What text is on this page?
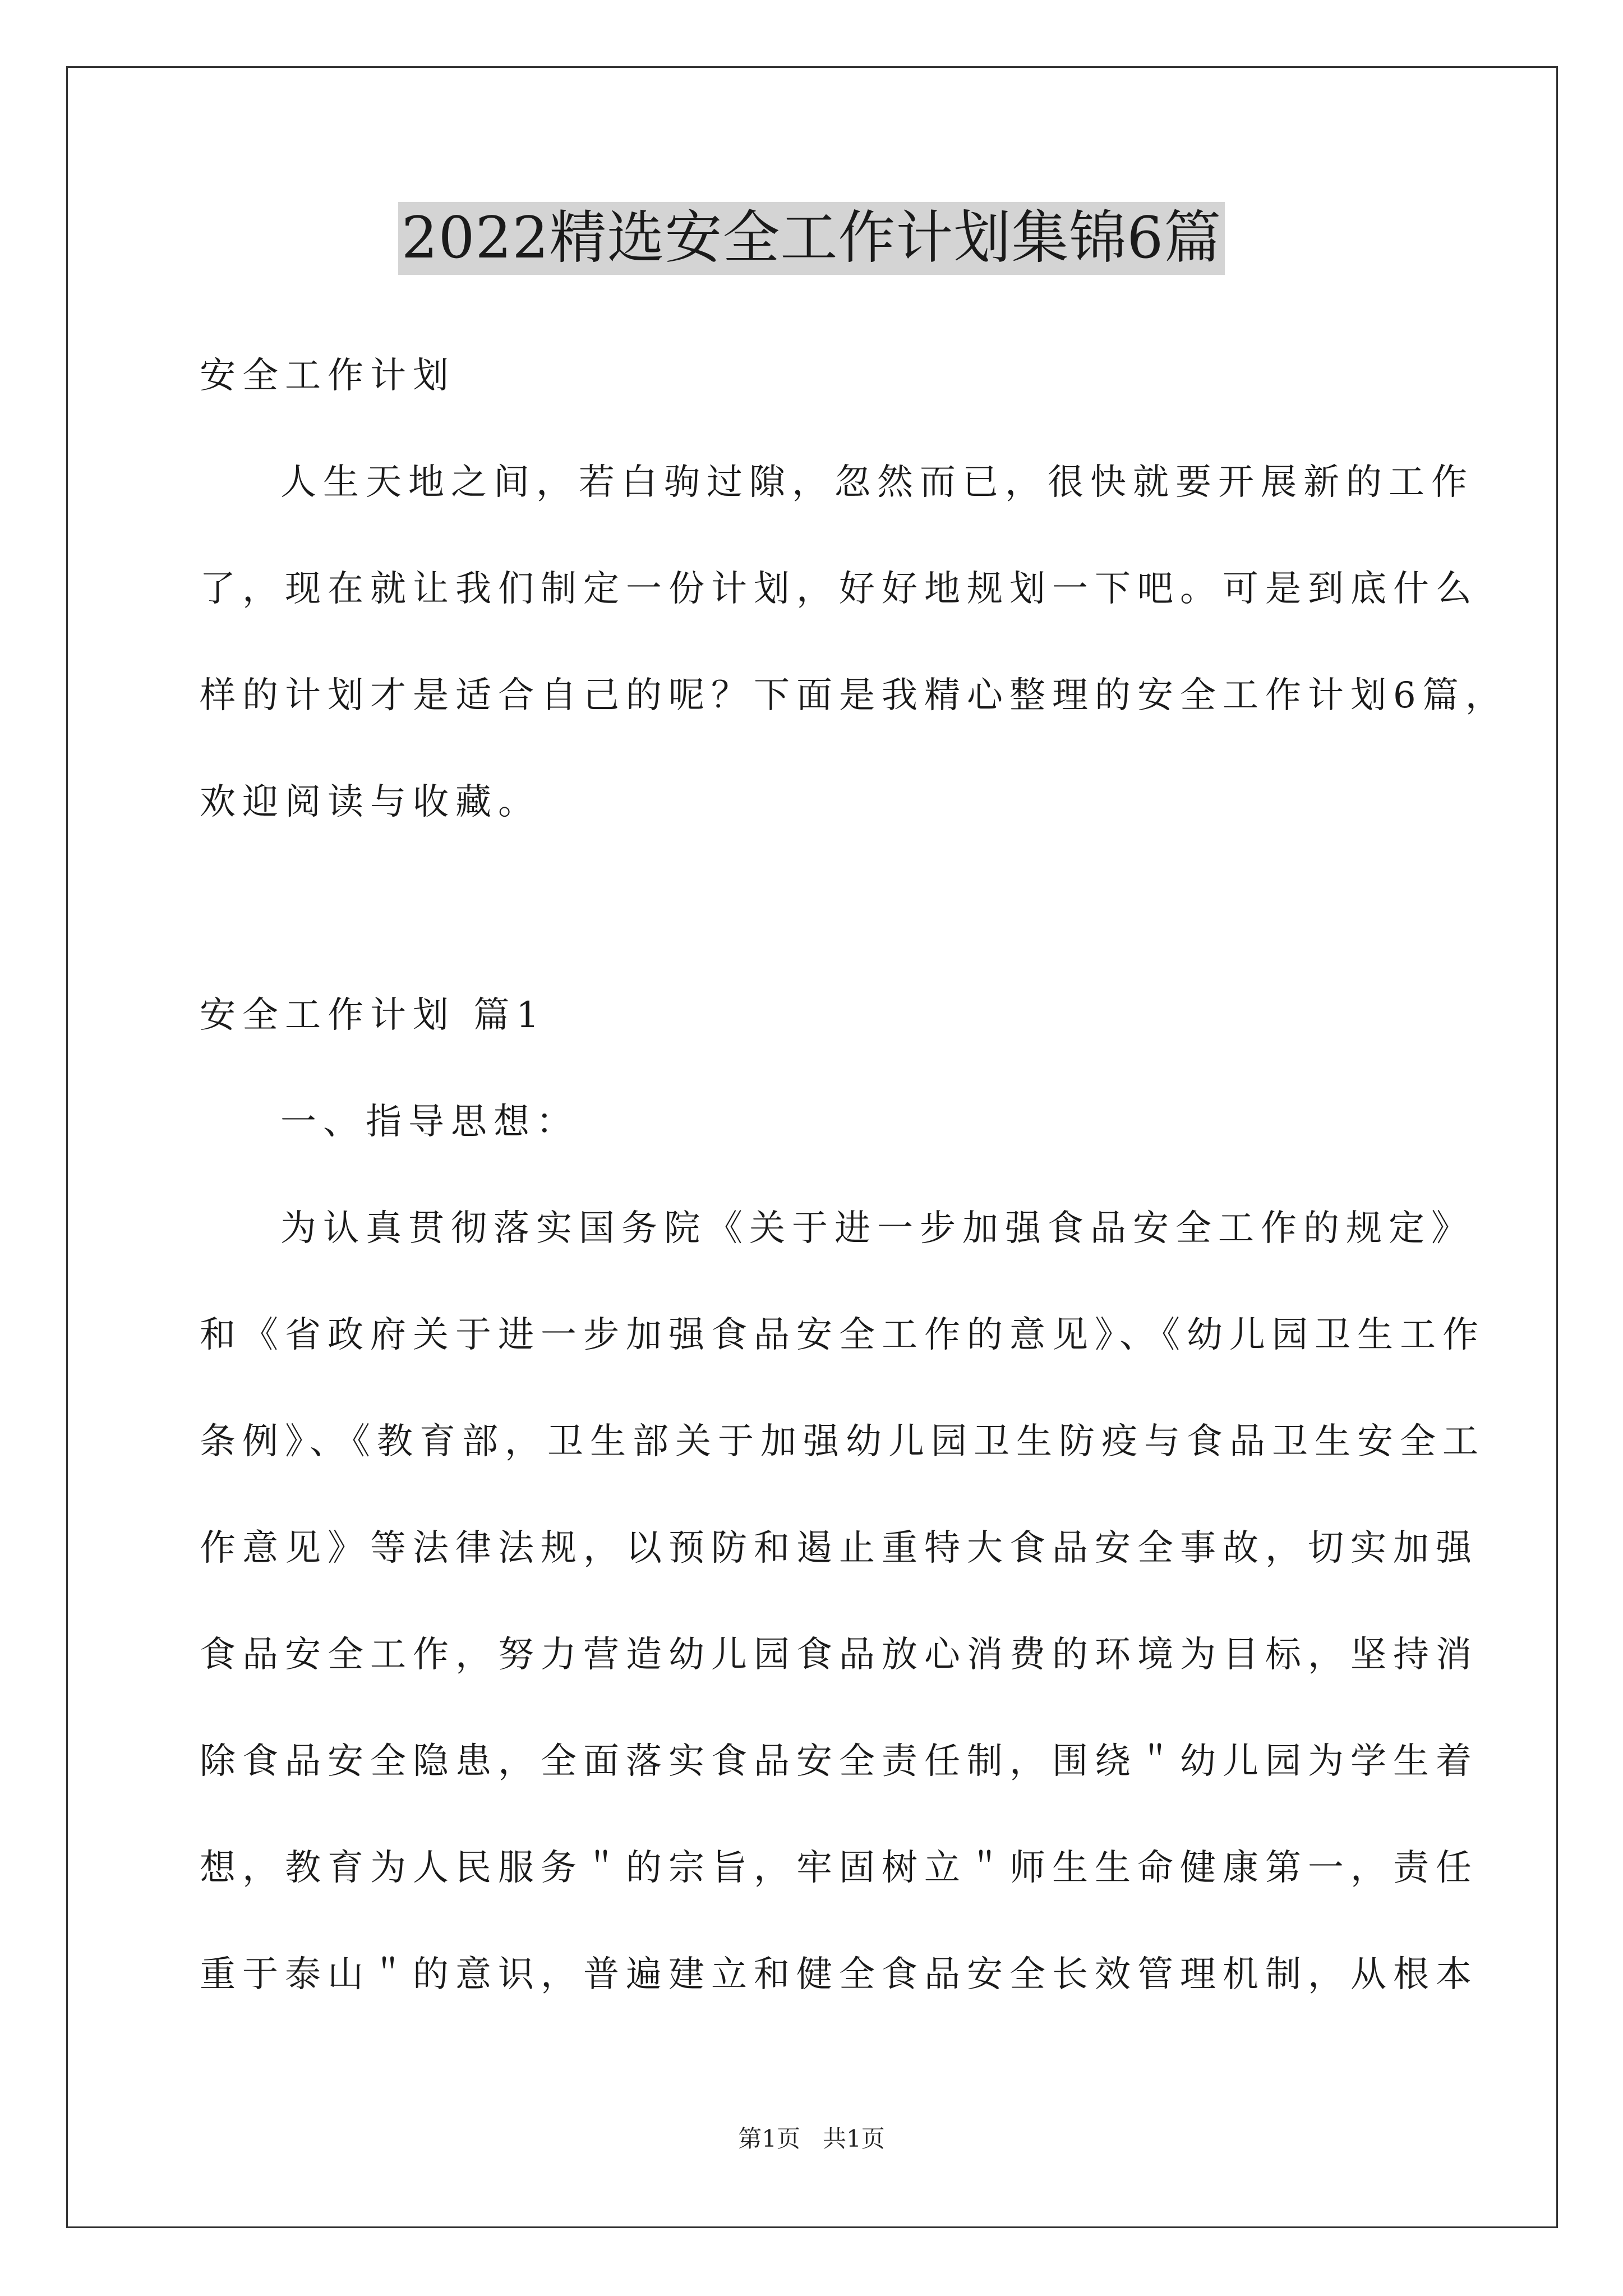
2022精选安全工作计划集锦6篇
安全工作计划
人生天地之间，若白驹过隙，忽然而已，很快就要开展新的工作
了，现在就让我们制定一份计划，好好地规划一下吧。可是到底什么
样的计划才是适合自己的呢？下面是我精心整理的安全工作计划6篇，
欢迎阅读与收藏。
安全工作计划 篇1
一、指导思想：
为认真贯彻落实国务院《关于进一步加强食品安全工作的规定》
和《省政府关于进一步加强食品安全工作的意见》、《幼儿园卫生工作
条例》、《教育部，卫生部关于加强幼儿园卫生防疫与食品卫生安全工
作意见》等法律法规，以预防和遏止重特大食品安全事故，切实加强
食品安全工作，努力营造幼儿园食品放心消费的环境为目标，坚持消
除食品安全隐患，全面落实食品安全责任制，围绕＂幼儿园为学生着
想，教育为人民服务＂的宗旨，牢固树立＂师生生命健康第一，责任
重于泰山＂的意识，普遍建立和健全食品安全长效管理机制，从根本
第1页   共1页
